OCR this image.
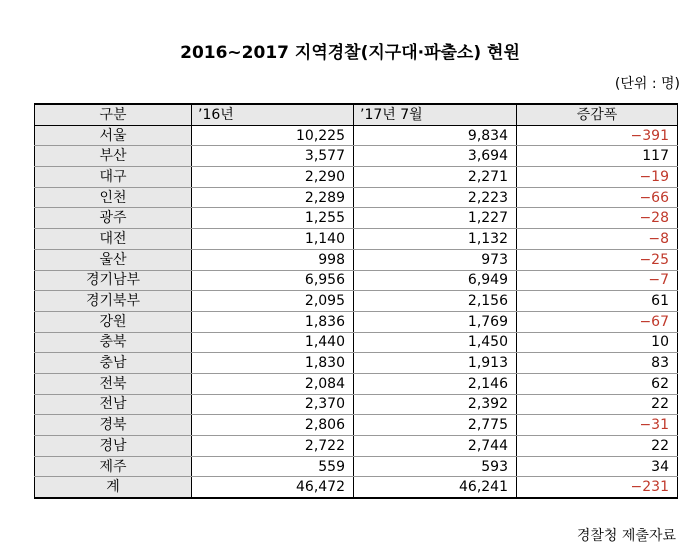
2016~2017 지역경찰(지구대·파출소) 현원
(단위 : 명)
구분	’16년	’17년 7월	증감폭
서울	10,225	9,834	−391
부산	3,577	3,694	117
대구	2,290	2,271	−19
인천	2,289	2,223	−66
광주	1,255	1,227	−28
대전	1,140	1,132	−8
울산	998	973	−25
경기남부	6,956	6,949	−7
경기북부	2,095	2,156	61
강원	1,836	1,769	−67
충북	1,440	1,450	10
충남	1,830	1,913	83
전북	2,084	2,146	62
전남	2,370	2,392	22
경북	2,806	2,775	−31
경남	2,722	2,744	22
제주	559	593	34
계	46,472	46,241	−231
경찰청 제출자료
